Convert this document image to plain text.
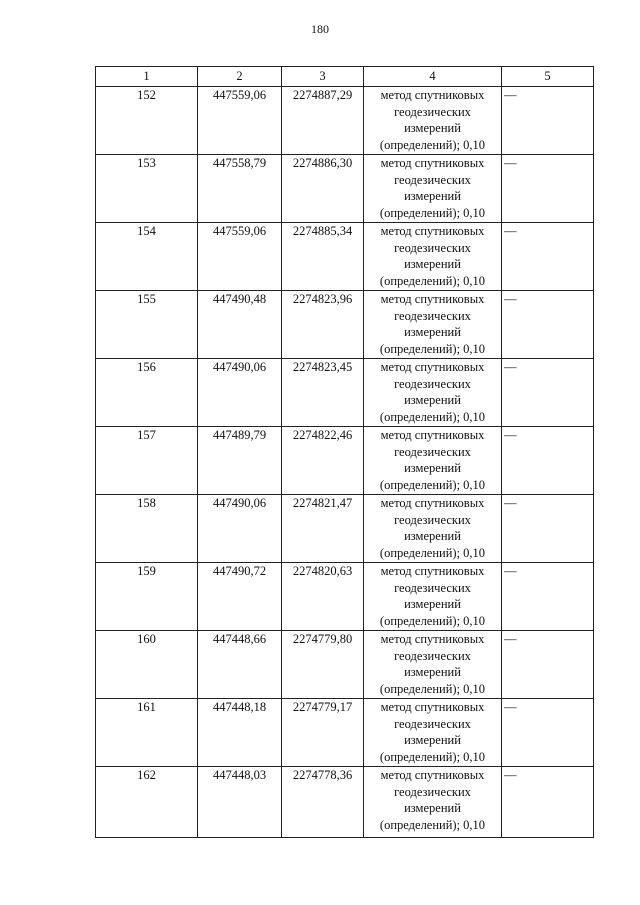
180
1	2	3	4	5
152	447559,06	2274887,29	метод спутниковых
геодезических
измерений
(определений); 0,10	—
153	447558,79	2274886,30	метод спутниковых
геодезических
измерений
(определений); 0,10	—
154	447559,06	2274885,34	метод спутниковых
геодезических
измерений
(определений); 0,10	—
155	447490,48	2274823,96	метод спутниковых
геодезических
измерений
(определений); 0,10	—
156	447490,06	2274823,45	метод спутниковых
геодезических
измерений
(определений); 0,10	—
157	447489,79	2274822,46	метод спутниковых
геодезических
измерений
(определений); 0,10	—
158	447490,06	2274821,47	метод спутниковых
геодезических
измерений
(определений); 0,10	—
159	447490,72	2274820,63	метод спутниковых
геодезических
измерений
(определений); 0,10	—
160	447448,66	2274779,80	метод спутниковых
геодезических
измерений
(определений); 0,10	—
161	447448,18	2274779,17	метод спутниковых
геодезических
измерений
(определений); 0,10	—
162	447448,03	2274778,36	метод спутниковых
геодезических
измерений
(определений); 0,10	—
